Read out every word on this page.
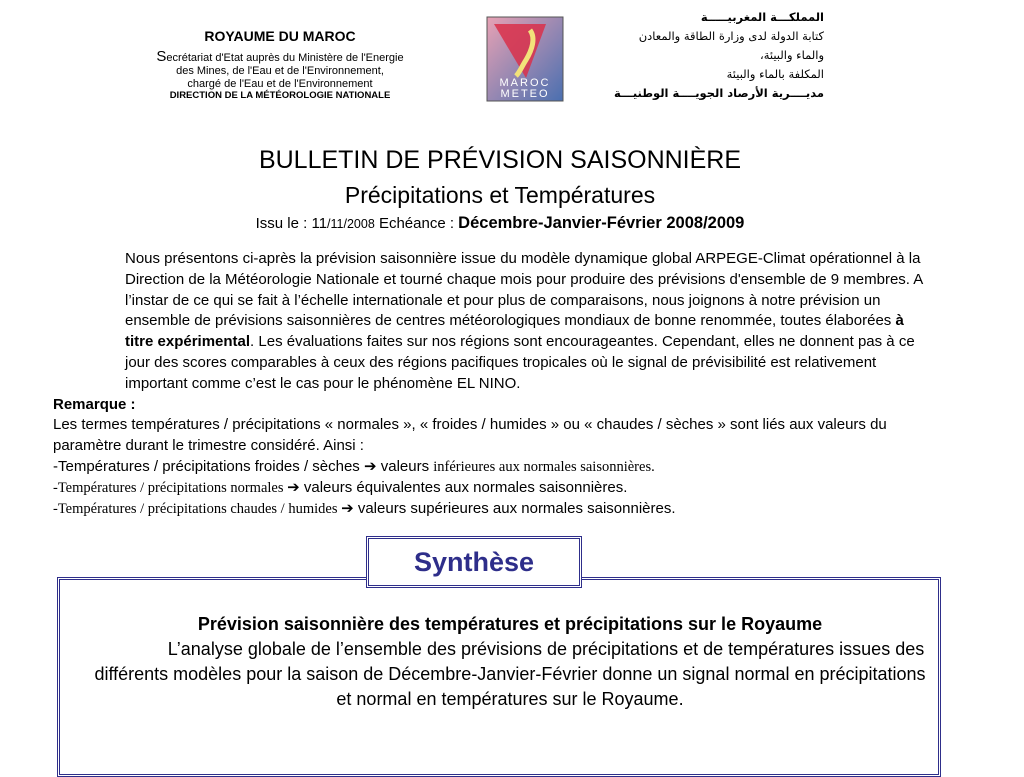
ROYAUME DU MAROC
Secrétariat d'Etat auprès du Ministère de l'Energie
des Mines, de l'Eau et de l'Environnement,
chargé de l'Eau et de l'Environnement
DIRECTION DE LA MÉTÉOROLOGIE NATIONALE
MAROC
METEO
المملكـــة المغربيـــــة
كتابة الدولة لدى وزارة الطاقة والمعادن
والماء والبيئة،
المكلفة بالماء والبيئة
مديــــرية الأرصاد الجويــــة الوطنيـــة
BULLETIN DE PRÉVISION SAISONNIÈRE
Précipitations et Températures
Issu le : 11/11/2008 Echéance : Décembre-Janvier-Février 2008/2009

Nous présentons ci-après la prévision saisonnière issue du modèle dynamique global ARPEGE-Climat opérationnel à la Direction de la Météorologie Nationale et tourné chaque mois pour produire des prévisions d'ensemble de 9 membres. A l’instar de ce qui se fait à l’échelle internationale et pour plus de comparaisons, nous joignons à notre prévision un ensemble de prévisions saisonnières de centres météorologiques mondiaux de bonne renommée, toutes élaborées à titre expérimental. Les évaluations faites sur nos régions sont encourageantes. Cependant, elles ne donnent pas à ce jour des scores comparables à ceux des régions pacifiques tropicales où le signal de prévisibilité est relativement important comme c’est le cas pour le phénomène EL NINO.

Remarque :

Les termes températures / précipitations « normales », « froides / humides » ou « chaudes / sèches » sont liés aux valeurs du paramètre durant le trimestre considéré. Ainsi :

-Températures / précipitations froides / sèches ➔ valeurs inférieures aux normales saisonnières.

-Températures / précipitations normales ➔ valeurs équivalentes aux normales saisonnières.

-Températures / précipitations chaudes / humides ➔ valeurs supérieures aux normales saisonnières.

Synthèse
Prévision saisonnière des températures et précipitations sur le Royaume
L’analyse globale de l’ensemble des prévisions de précipitations et de températures issues des différents modèles pour la saison de Décembre-Janvier-Février donne un signal normal en précipitations et normal en températures sur le Royaume.
